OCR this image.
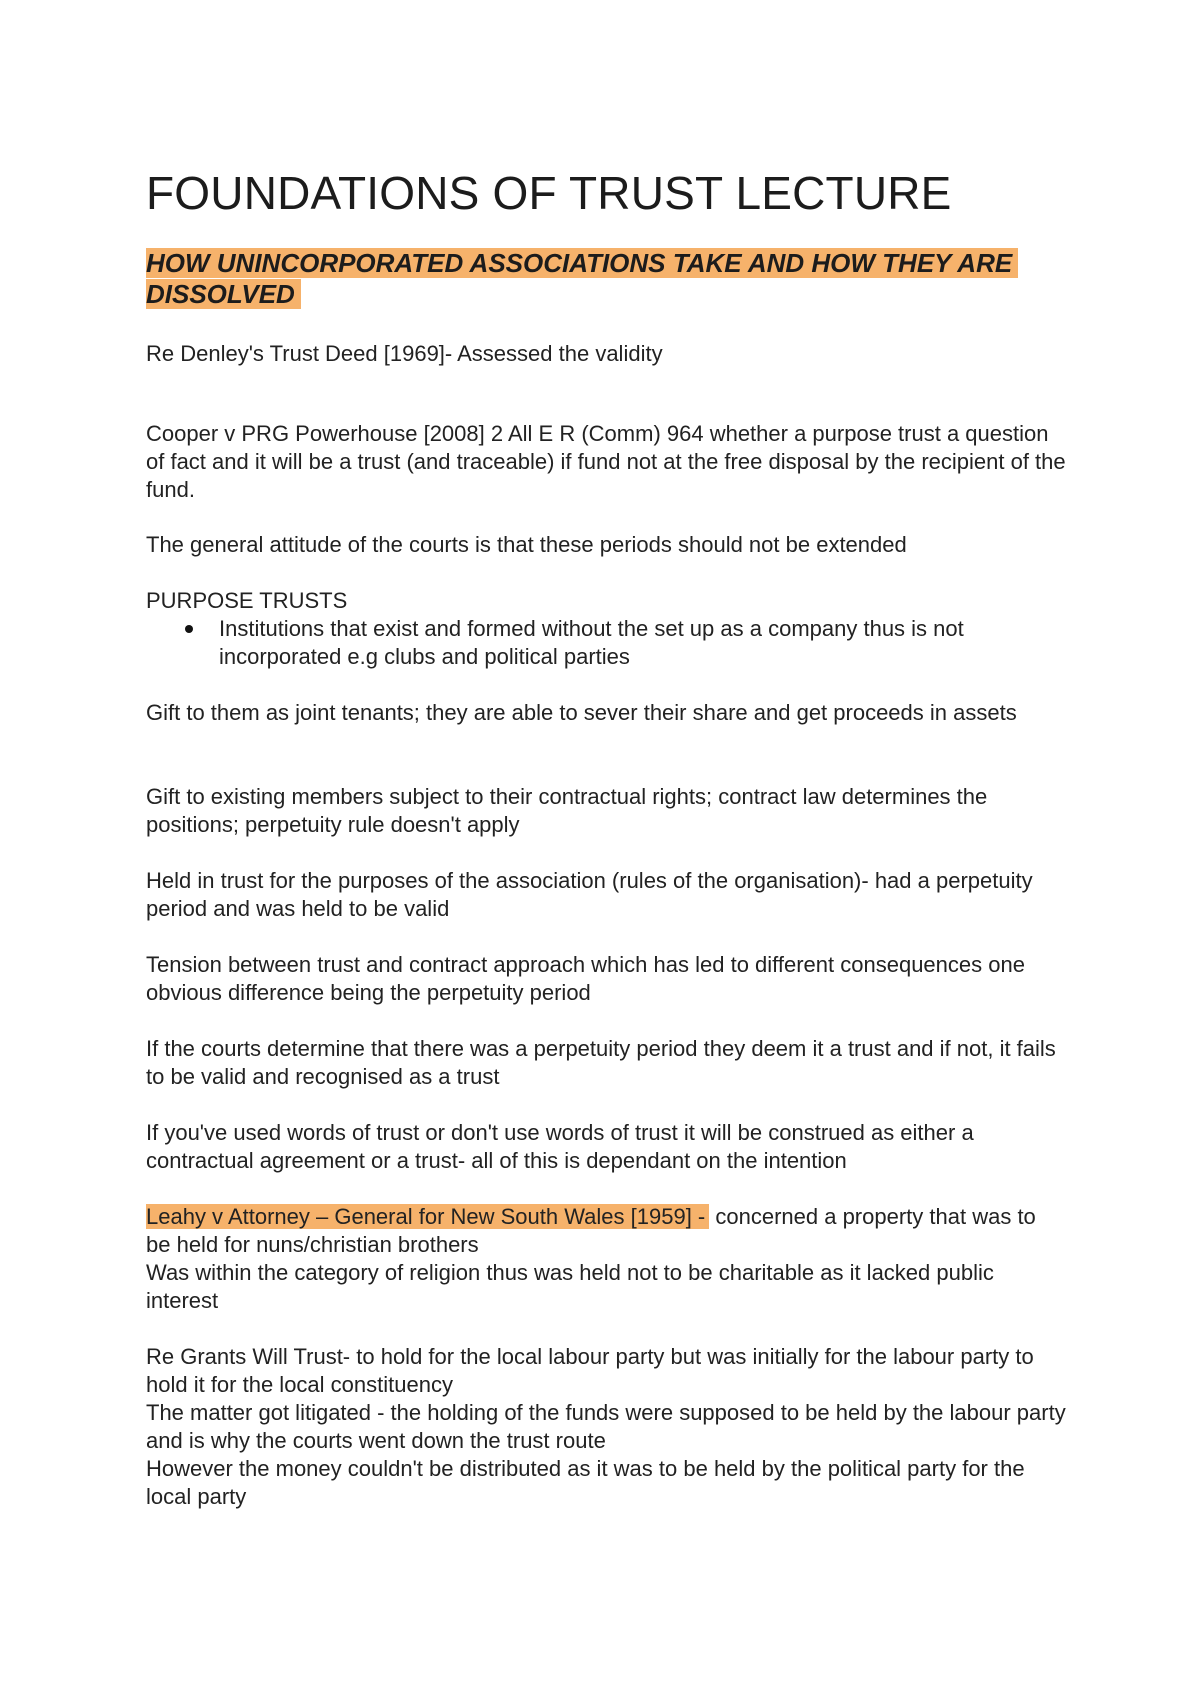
FOUNDATIONS OF TRUST LECTURE
HOW UNINCORPORATED ASSOCIATIONS TAKE AND HOW THEY ARE DISSOLVED

Re Denley's Trust Deed [1969]- Assessed the validity

Cooper v PRG Powerhouse [2008] 2 All E R (Comm) 964 whether a purpose trust a question of fact and it will be a trust (and traceable) if fund not at the free disposal by the recipient of the fund.

The general attitude of the courts is that these periods should not be extended

PURPOSE TRUSTS

Institutions that exist and formed without the set up as a company thus is not incorporated e.g clubs and political parties

Gift to them as joint tenants; they are able to sever their share and get proceeds in assets

Gift to existing members subject to their contractual rights; contract law determines the positions; perpetuity rule doesn't apply

Held in trust for the purposes of the association (rules of the organisation)- had a perpetuity period and was held to be valid

Tension between trust and contract approach which has led to different consequences one obvious difference being the perpetuity period

If the courts determine that there was a perpetuity period they deem it a trust and if not, it fails to be valid and recognised as a trust

If you've used words of trust or don't use words of trust it will be construed as either a contractual agreement or a trust- all of this is dependant on the intention

Leahy v Attorney – General for New South Wales [1959] - concerned a property that was to be held for nuns/christian brothers
Was within the category of religion thus was held not to be charitable as it lacked public interest
Re Grants Will Trust- to hold for the local labour party but was initially for the labour party to hold it for the local constituency
The matter got litigated - the holding of the funds were supposed to be held by the labour party and is why the courts went down the trust route
However the money couldn't be distributed as it was to be held by the political party for the local party
